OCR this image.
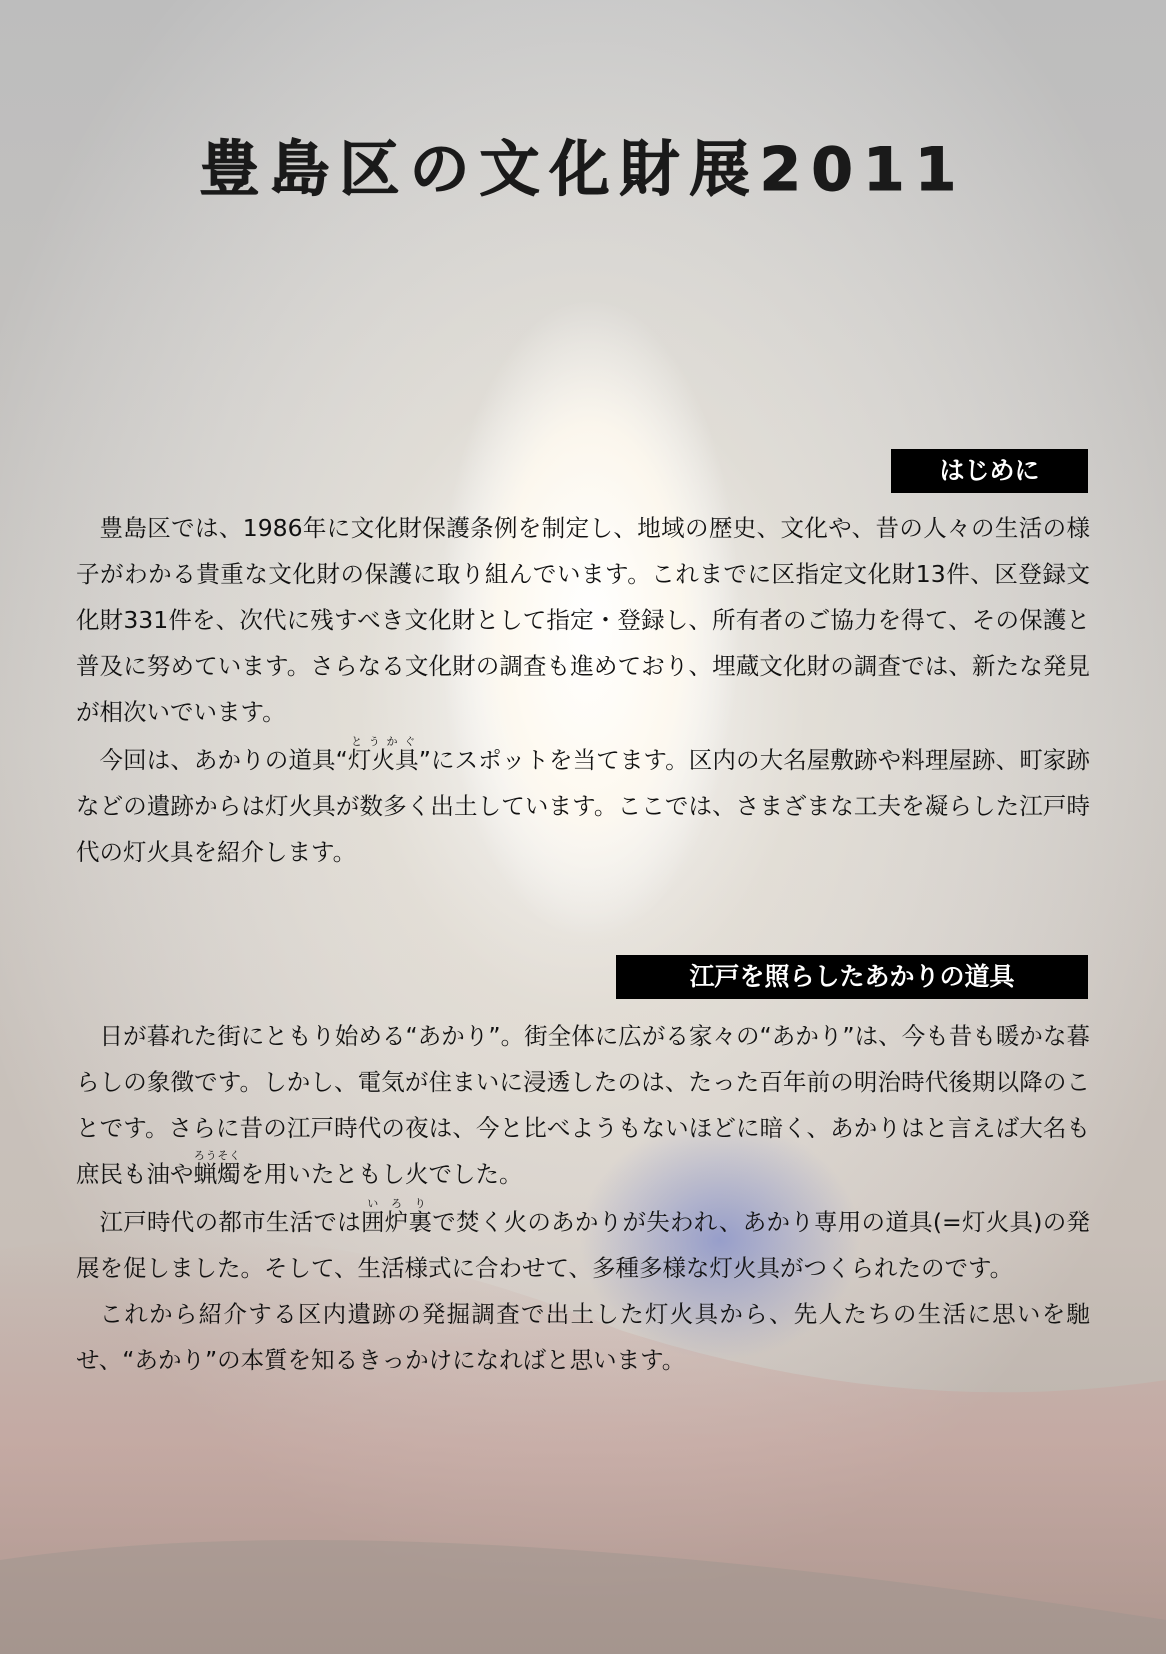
豊島区の文化財展2011
はじめに

豊島区では、1986年に文化財保護条例を制定し、地域の歴史、文化や、昔の人々の生活の様子がわかる貴重な文化財の保護に取り組んでいます。これまでに区指定文化財13件、区登録文化財331件を、次代に残すべき文化財として指定・登録し、所有者のご協力を得て、その保護と普及に努めています。さらなる文化財の調査も進めており、埋蔵文化財の調査では、新たな発見が相次いでいます。

今回は、あかりの道具“灯火具とうかぐ”にスポットを当てます。区内の大名屋敷跡や料理屋跡、町家跡などの遺跡からは灯火具が数多く出土しています。ここでは、さまざまな工夫を凝らした江戸時代の灯火具を紹介します。

江戸を照らしたあかりの道具

日が暮れた街にともり始める“あかり”。街全体に広がる家々の“あかり”は、今も昔も暖かな暮らしの象徴です。しかし、電気が住まいに浸透したのは、たった百年前の明治時代後期以降のことです。さらに昔の江戸時代の夜は、今と比べようもないほどに暗く、あかりはと言えば大名も庶民も油や蝋燭ろうそくを用いたともし火でした。

江戸時代の都市生活では囲炉裏いろりで焚く火のあかりが失われ、あかり専用の道具(=灯火具)の発展を促しました。そして、生活様式に合わせて、多種多様な灯火具がつくられたのです。

これから紹介する区内遺跡の発掘調査で出土した灯火具から、先人たちの生活に思いを馳せ、“あかり”の本質を知るきっかけになればと思います。
